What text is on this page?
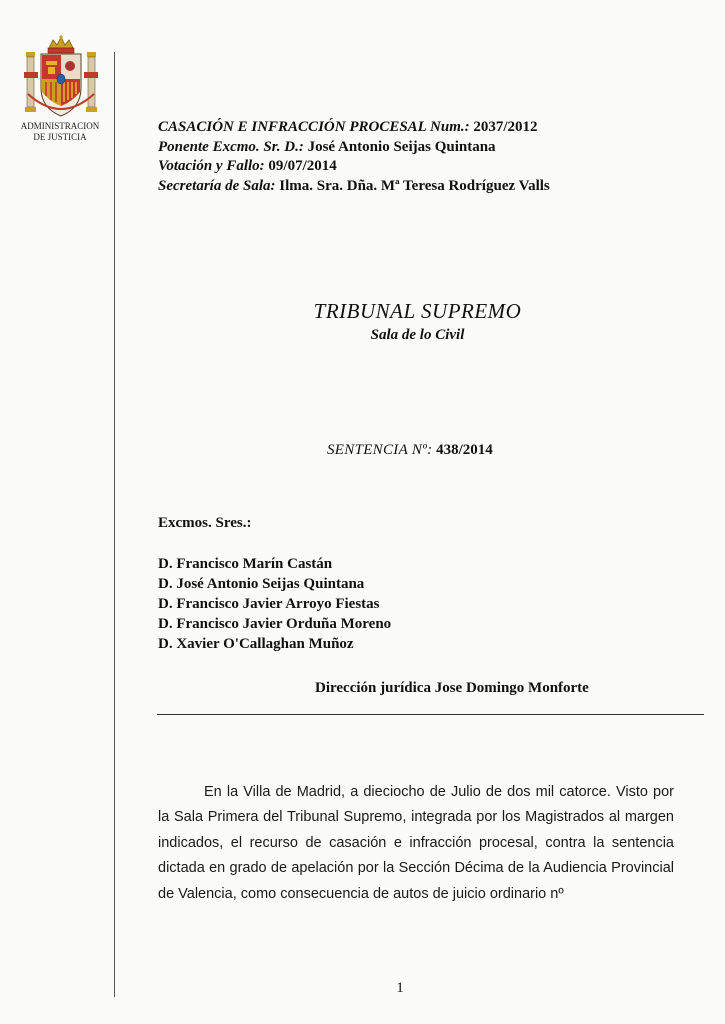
ADMINISTRACION
DE JUSTICIA
CASACIÓN E INFRACCIÓN PROCESAL Num.: 2037/2012
Ponente Excmo. Sr. D.: José Antonio Seijas Quintana
Votación y Fallo: 09/07/2014
Secretaría de Sala: Ilma. Sra. Dña. Mª Teresa Rodríguez Valls
TRIBUNAL SUPREMO
Sala de lo Civil
SENTENCIA Nº: 438/2014
Excmos. Sres.:
D. Francisco Marín Castán
D. José Antonio Seijas Quintana
D. Francisco Javier Arroyo Fiestas
D. Francisco Javier Orduña Moreno
D. Xavier O'Callaghan Muñoz
Dirección jurídica Jose Domingo Monforte

En la Villa de Madrid, a dieciocho de Julio de dos mil catorce. Visto por la Sala Primera del Tribunal Supremo, integrada por los Magistrados al margen indicados, el recurso de casación e infracción procesal, contra la sentencia dictada en grado de apelación por la Sección Décima de la Audiencia Provincial de Valencia, como consecuencia de autos de juicio ordinario nº

1
